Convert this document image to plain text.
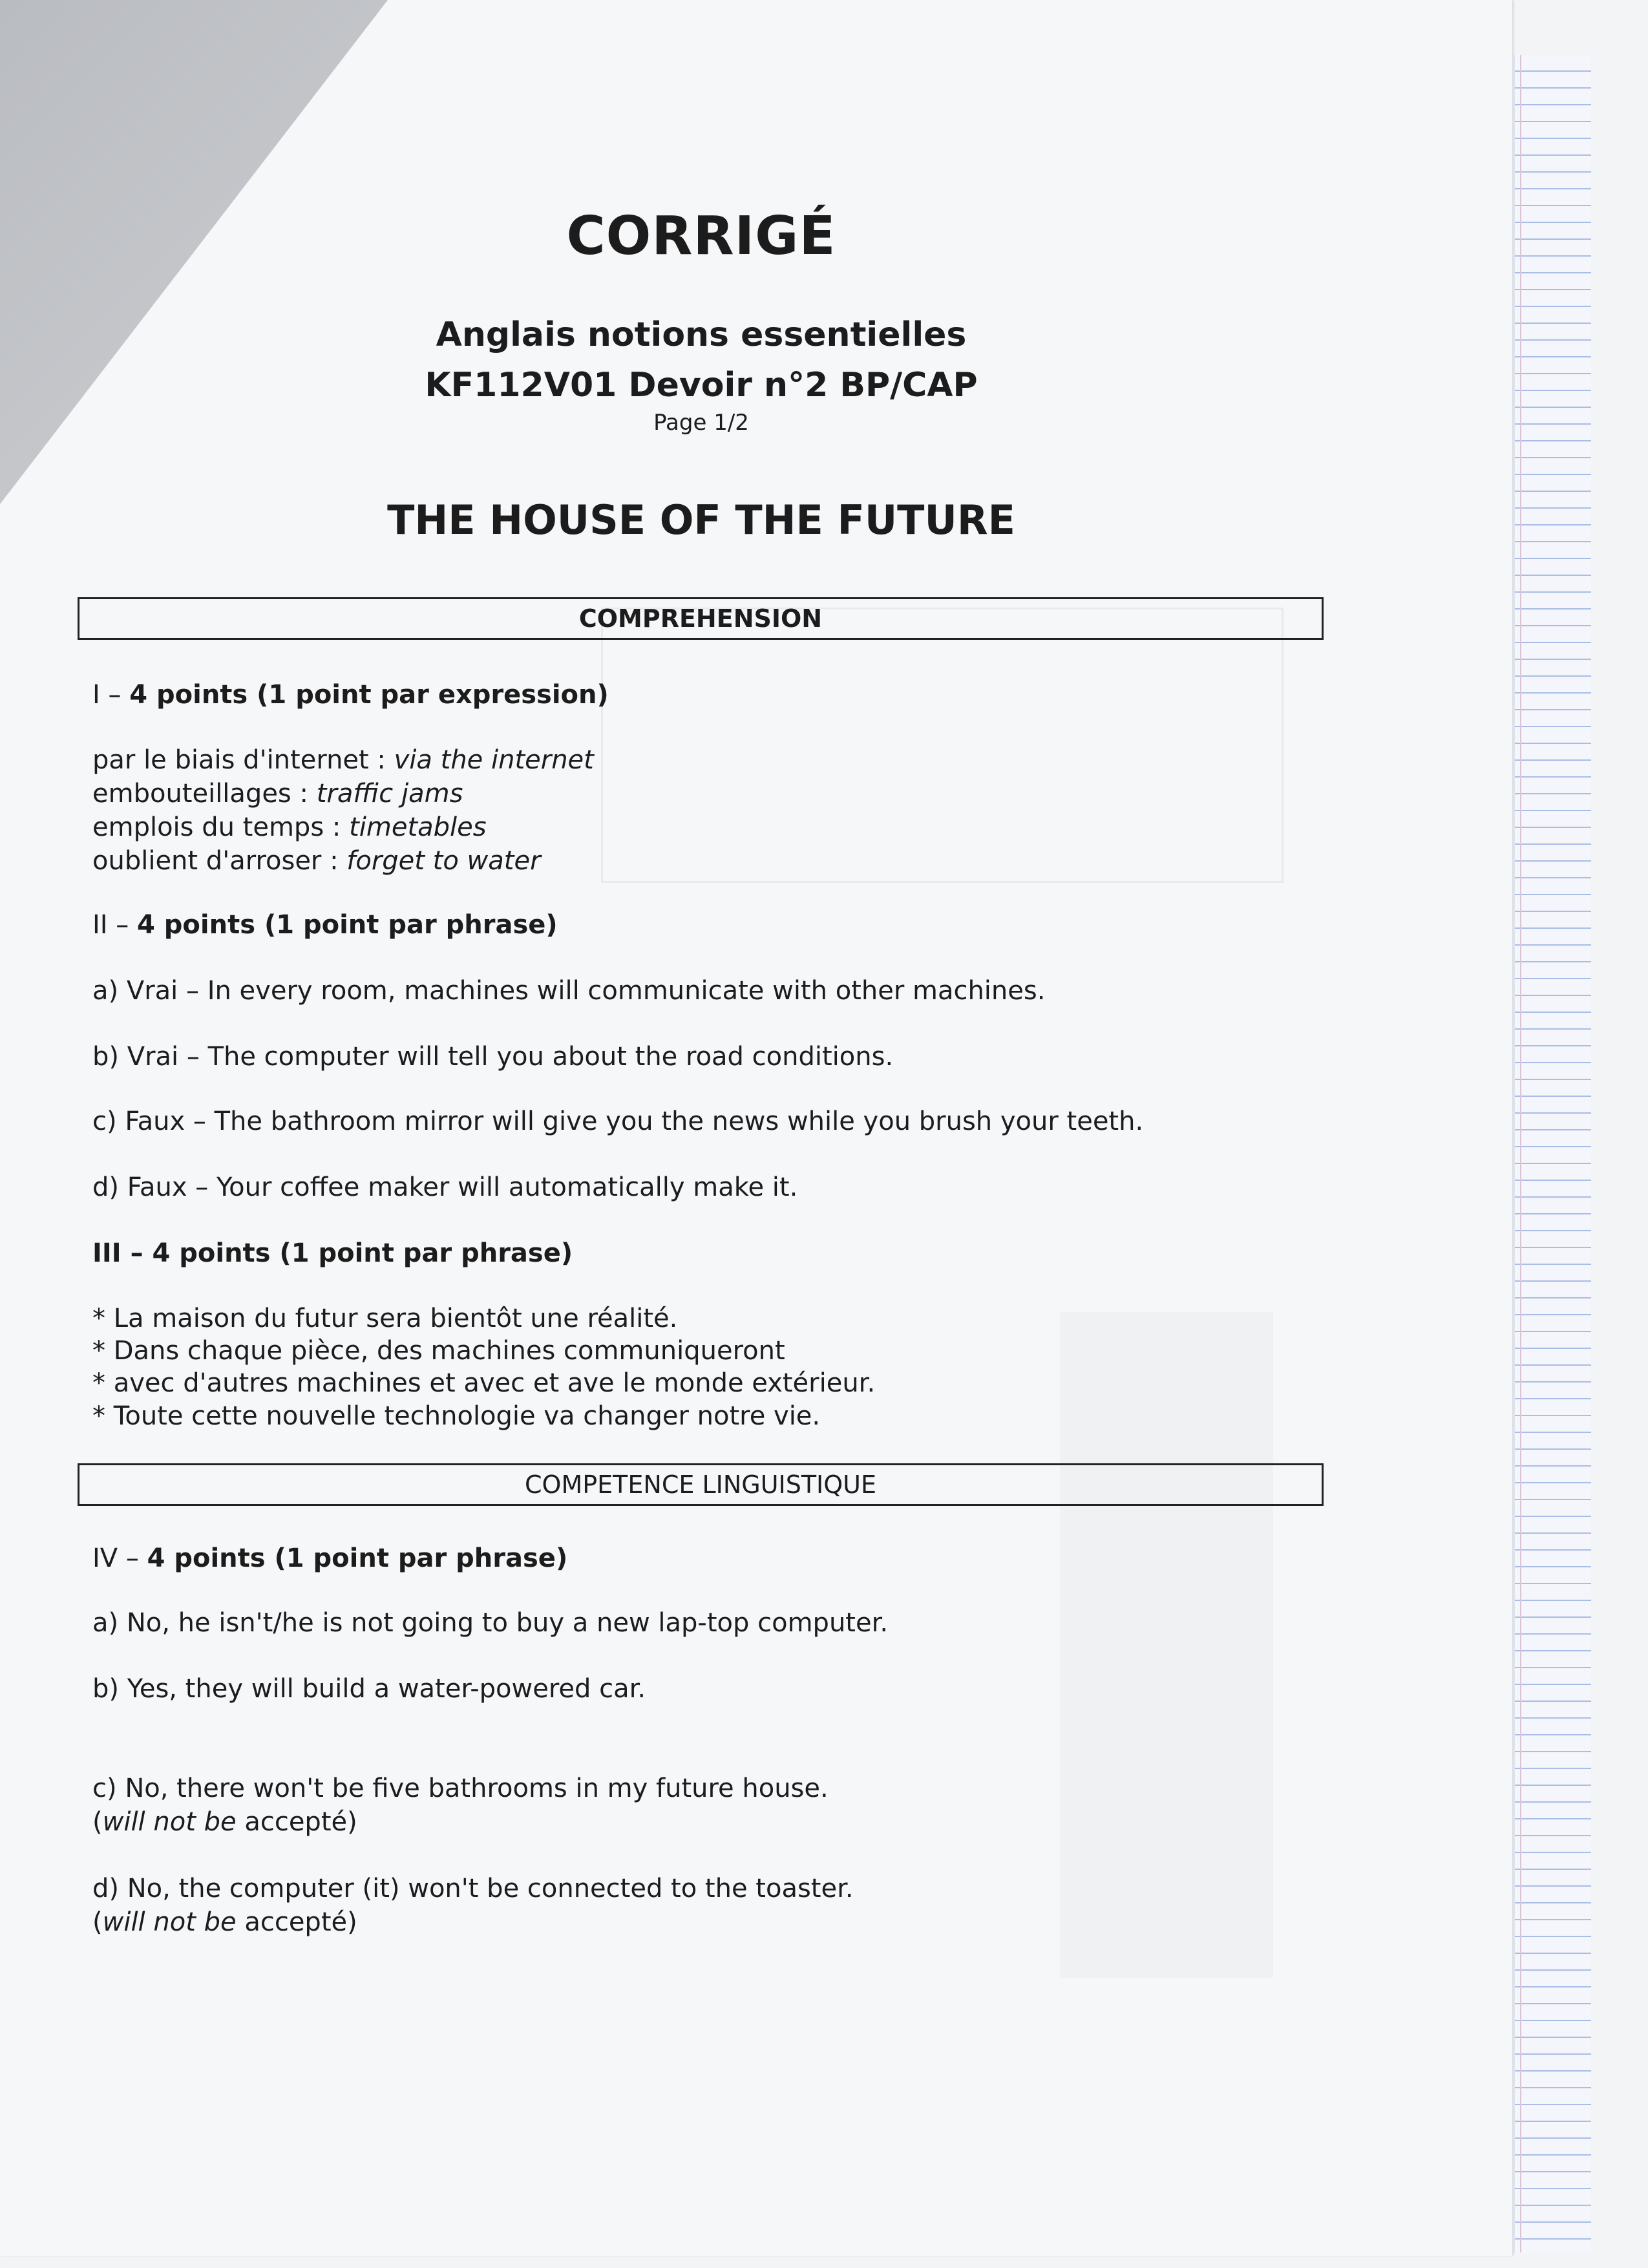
CORRIGÉ
Anglais notions essentielles
KF112V01 Devoir n°2 BP/CAP
Page 1/2
THE HOUSE OF THE FUTURE
COMPREHENSION
I – 4 points (1 point par expression)
par le biais d'internet : via the internet
embouteillages : traffic jams
emplois du temps : timetables
oublient d'arroser : forget to water
II – 4 points (1 point par phrase)
a) Vrai – In every room, machines will communicate with other machines.
b) Vrai – The computer will tell you about the road conditions.
c) Faux – The bathroom mirror will give you the news while you brush your teeth.
d) Faux – Your coffee maker will automatically make it.
III – 4 points (1 point par phrase)
* La maison du futur sera bientôt une réalité.
* Dans chaque pièce, des machines communiqueront
* avec d'autres machines et avec et ave le monde extérieur.
* Toute cette nouvelle technologie va changer notre vie.
COMPETENCE LINGUISTIQUE
IV – 4 points (1 point par phrase)
a) No, he isn't/he is not going to buy a new lap-top computer.
b) Yes, they will build a water-powered car.
c) No, there won't be five bathrooms in my future house.
(will not be accepté)
d) No, the computer (it) won't be connected to the toaster.
(will not be accepté)
